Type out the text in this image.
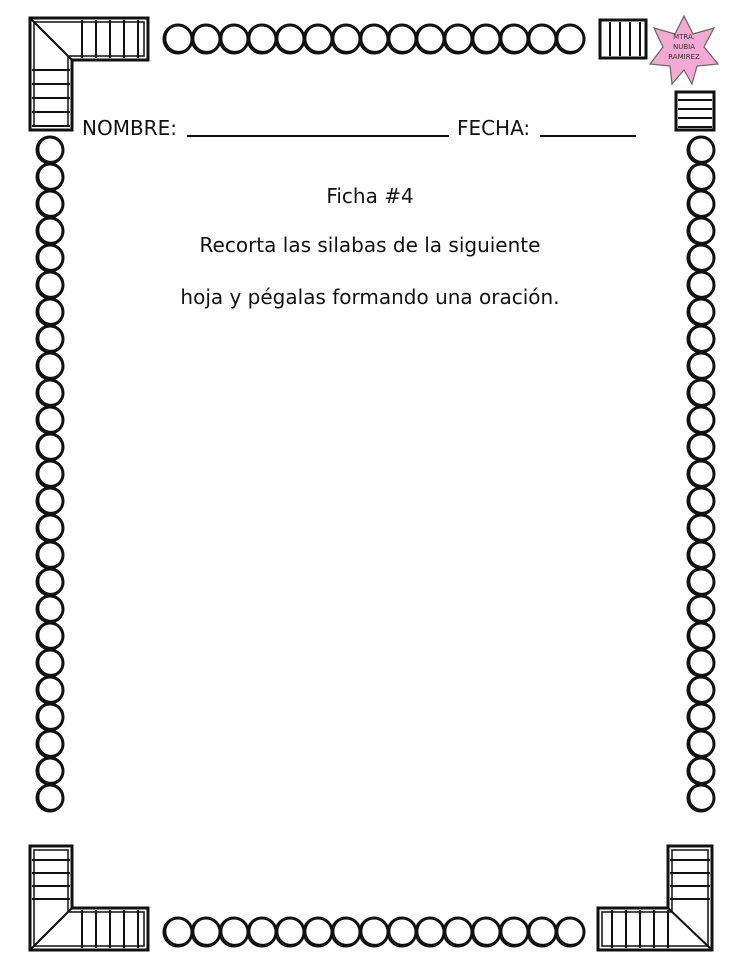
MTRA.
NUBIA
RAMIREZ
NOMBRE:	FECHA:
Ficha #4
Recorta las silabas de la siguiente
hoja y pégalas formando una oración.
